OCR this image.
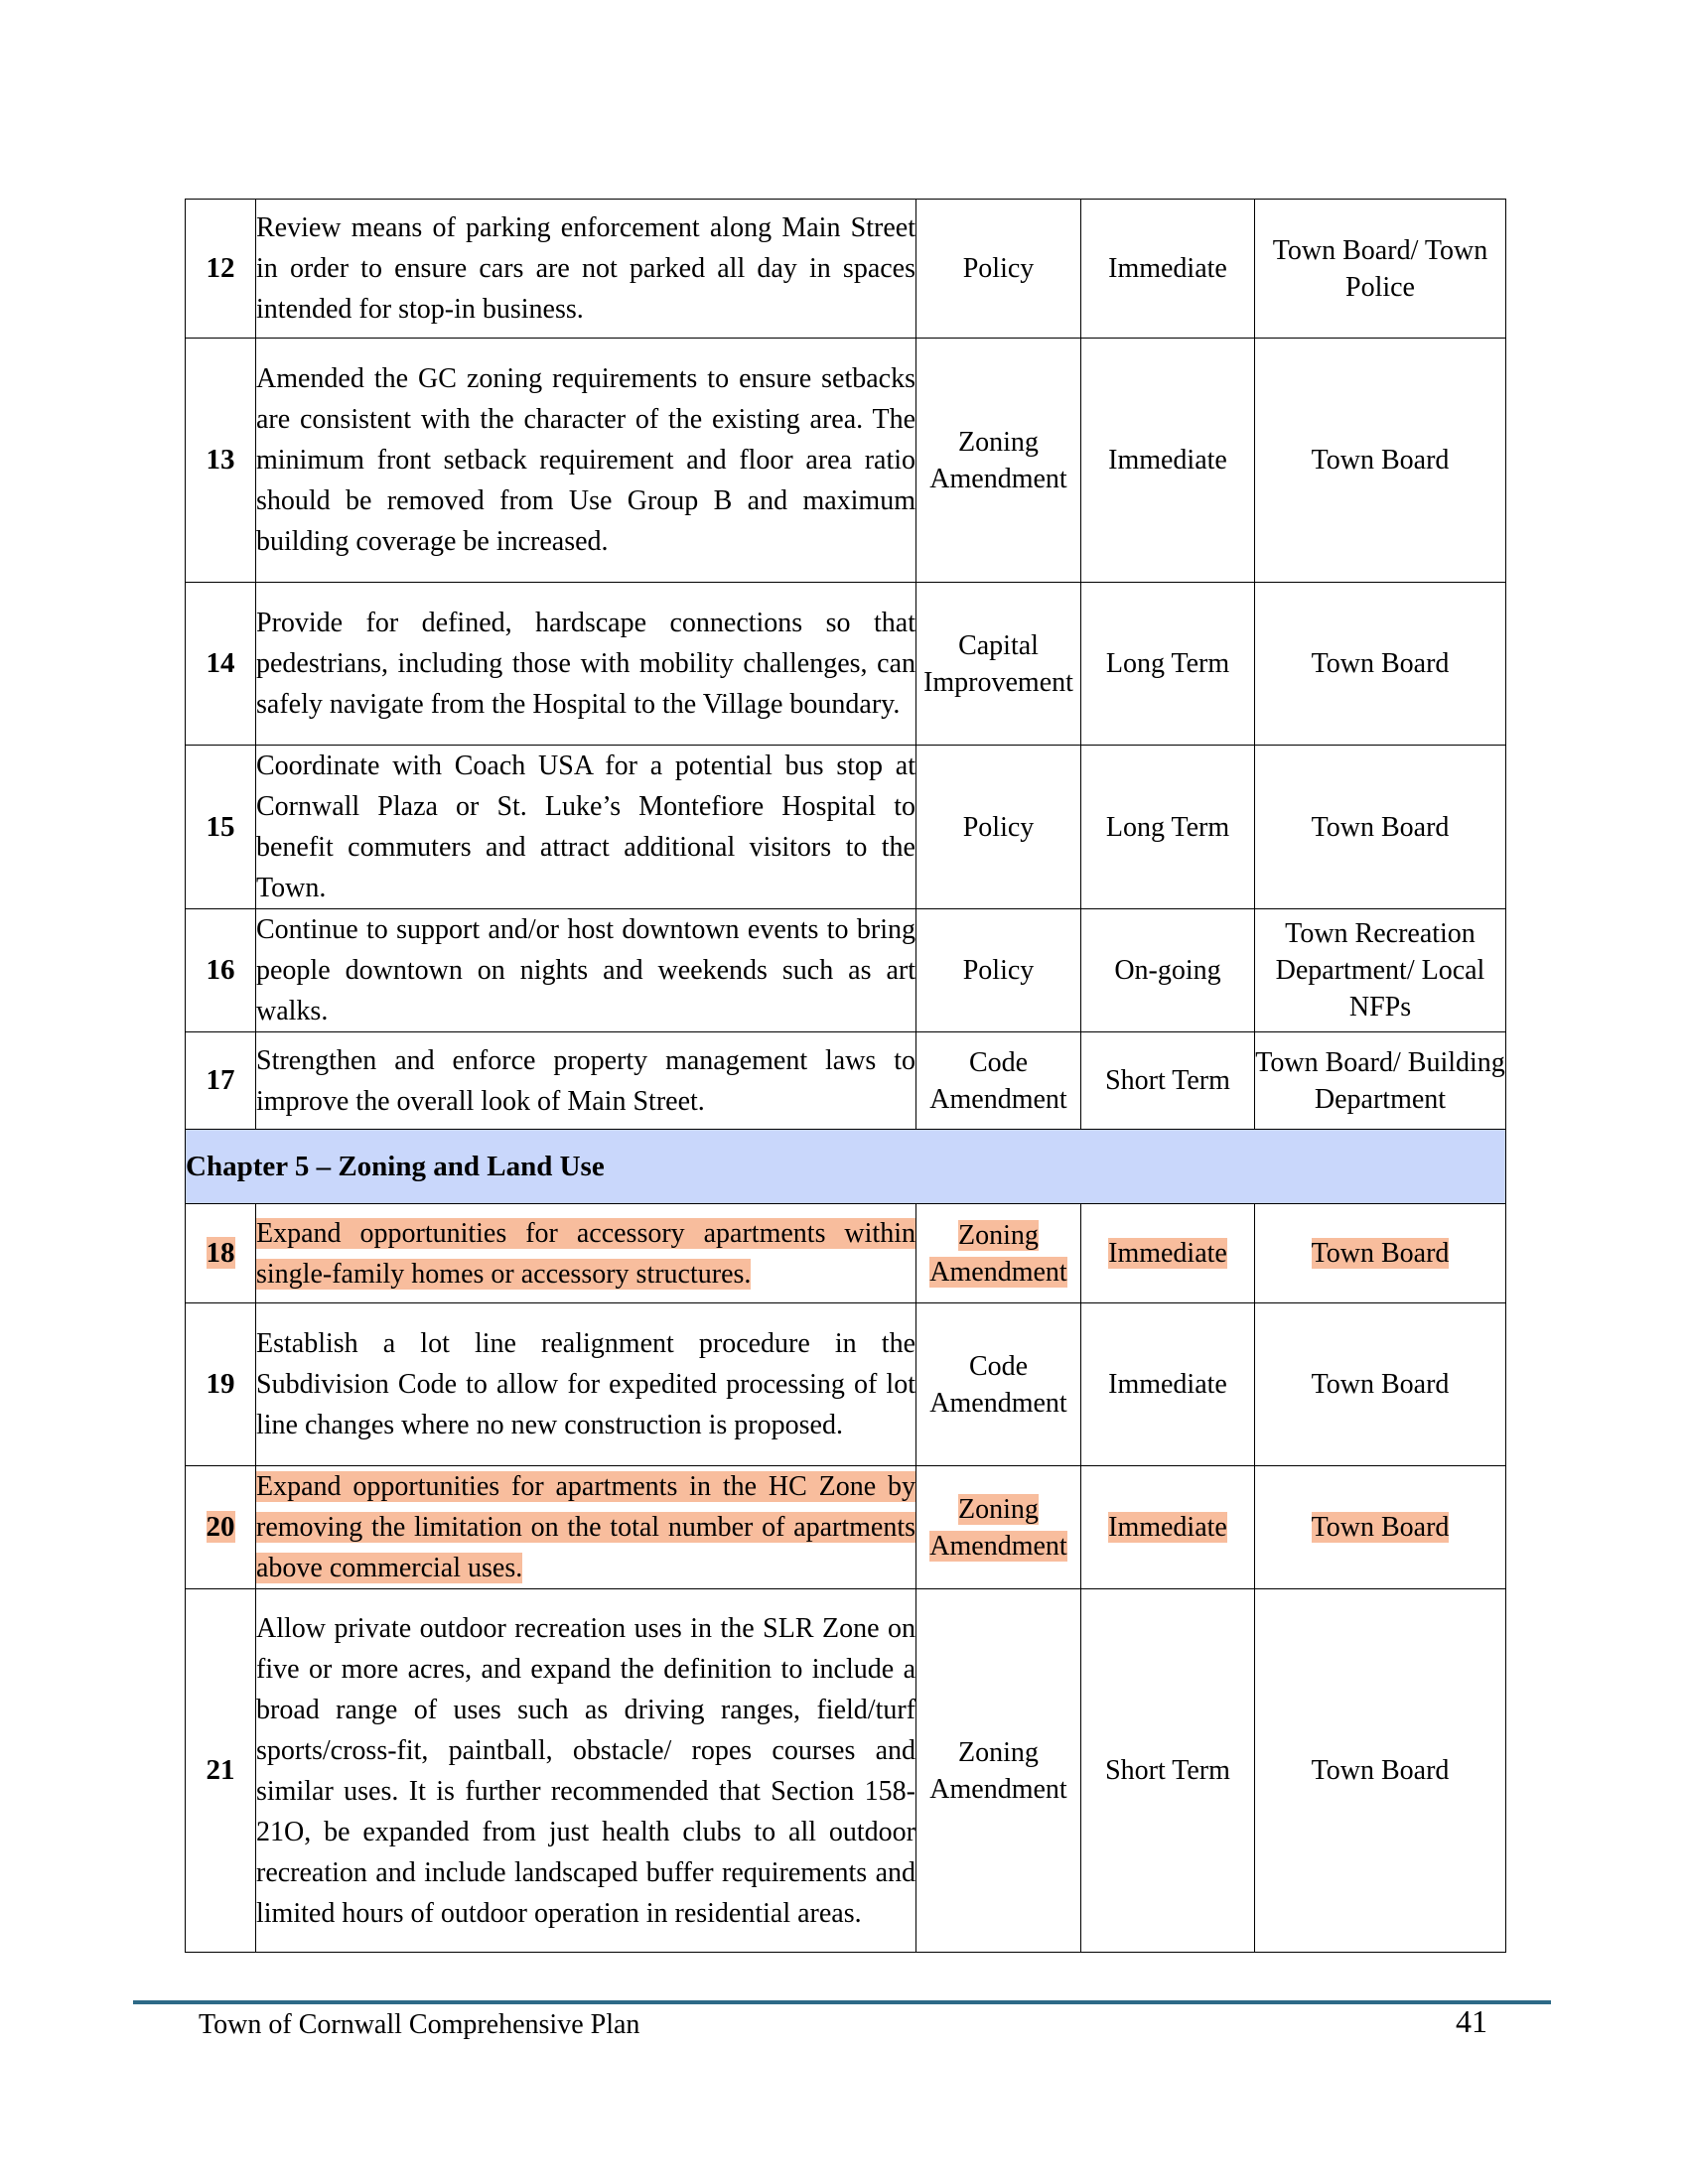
12	Review means of parking enforcement along Main Street in order to ensure cars are not parked all day in spaces intended for stop-in business.	Policy	Immediate	Town Board/ Town Police
13	Amended the GC zoning requirements to ensure setbacks are consistent with the character of the existing area. The minimum front setback requirement and floor area ratio should be removed from Use Group B and maximum building coverage be increased.	Zoning Amendment	Immediate	Town Board
14	Provide for defined, hardscape connections so that pedestrians, including those with mobility challenges, can safely navigate from the Hospital to the Village boundary.	Capital Improvement	Long Term	Town Board
15	Coordinate with Coach USA for a potential bus stop at Cornwall Plaza or St. Luke’s Montefiore Hospital to benefit commuters and attract additional visitors to the Town.	Policy	Long Term	Town Board
16	Continue to support and/or host downtown events to bring people downtown on nights and weekends such as art walks.	Policy	On-going	Town Recreation Department/ Local NFPs
17	Strengthen and enforce property management laws to improve the overall look of Main Street.	Code Amendment	Short Term	Town Board/ Building Department
Chapter 5 – Zoning and Land Use				
18	Expand opportunities for accessory apartments within single-family homes or accessory structures.	Zoning Amendment	Immediate	Town Board
19	Establish a lot line realignment procedure in the Subdivision Code to allow for expedited processing of lot line changes where no new construction is proposed.	Code Amendment	Immediate	Town Board
20	Expand opportunities for apartments in the HC Zone by removing the limitation on the total number of apartments above commercial uses.	Zoning Amendment	Immediate	Town Board
21	Allow private outdoor recreation uses in the SLR Zone on five or more acres, and expand the definition to include a broad range of uses such as driving ranges, field/turf sports/cross-fit, paintball, obstacle/ ropes courses and similar uses. It is further recommended that Section 158-21O, be expanded from just health clubs to all outdoor recreation and include landscaped buffer requirements and limited hours of outdoor operation in residential areas.	Zoning Amendment	Short Term	Town Board
Town of Cornwall Comprehensive Plan	41
